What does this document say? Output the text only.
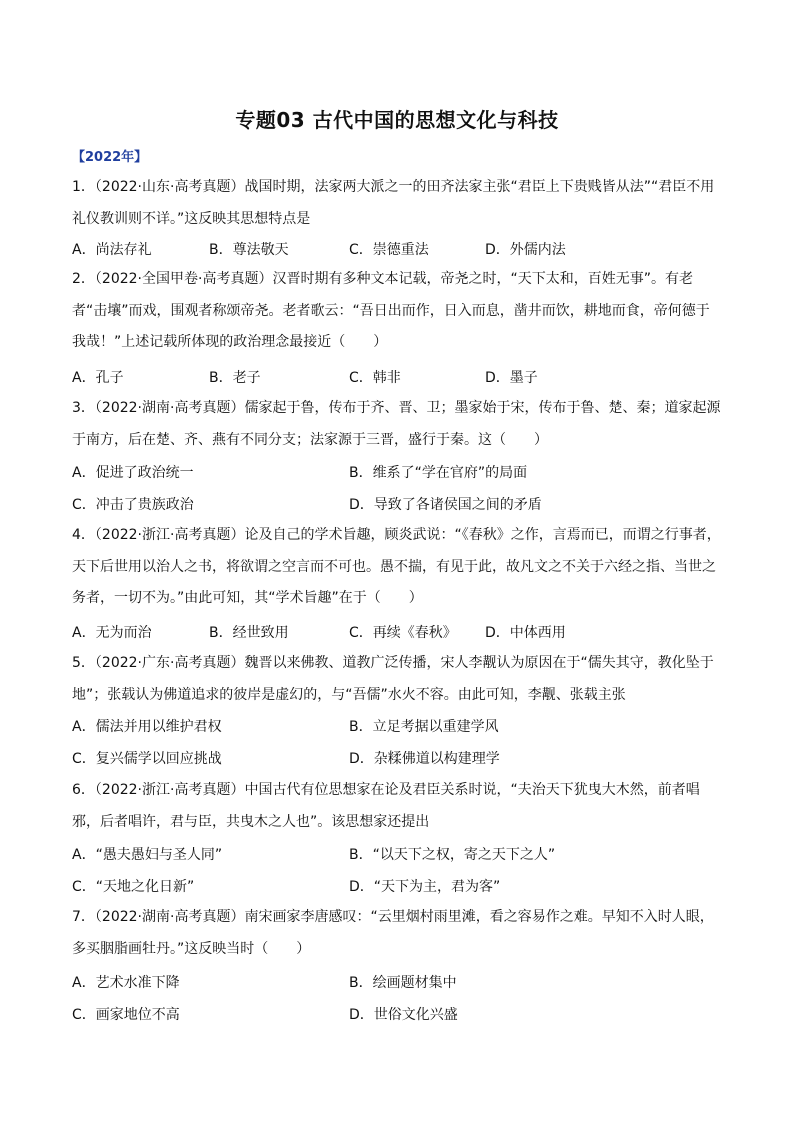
专题03 古代中国的思想文化与科技
【2022年】
1．（2022·山东·高考真题）战国时期，法家两大派之一的田齐法家主张“君臣上下贵贱皆从法”“君臣不用礼仪教训则不详。”这反映其思想特点是
A．尚法存礼	B．尊法敬天	C．崇德重法	D．外儒内法
2．（2022·全国甲卷·高考真题）汉晋时期有多种文本记载，帝尧之时，“天下太和，百姓无事”。有老者“击壤”而戏，围观者称颂帝尧。老者歌云：“吾日出而作，日入而息，凿井而饮，耕地而食，帝何德于我哉！”上述记载所体现的政治理念最接近（　　）
A．孔子	B．老子	C．韩非	D．墨子
3．（2022·湖南·高考真题）儒家起于鲁，传布于齐、晋、卫；墨家始于宋，传布于鲁、楚、秦；道家起源于南方，后在楚、齐、燕有不同分支；法家源于三晋，盛行于秦。这（　　）
A．促进了政治统一	B．维系了“学在官府”的局面
C．冲击了贵族政治	D．导致了各诸侯国之间的矛盾
4．（2022·浙江·高考真题）论及自己的学术旨趣，顾炎武说：“《春秋》之作，言焉而已，而谓之行事者，天下后世用以治人之书，将欲谓之空言而不可也。愚不揣，有见于此，故凡文之不关于六经之指、当世之务者，一切不为。”由此可知，其“学术旨趣”在于（　　）
A．无为而治	B．经世致用	C．再续《春秋》 D．中体西用
5．（2022·广东·高考真题）魏晋以来佛教、道教广泛传播，宋人李觏认为原因在于“儒失其守，教化坠于地”；张载认为佛道追求的彼岸是虚幻的，与“吾儒”水火不容。由此可知，李觏、张载主张
A．儒法并用以维护君权	B．立足考据以重建学风
C．复兴儒学以回应挑战	D．杂糅佛道以构建理学
6．（2022·浙江·高考真题）中国古代有位思想家在论及君臣关系时说，“夫治天下犹曳大木然，前者唱邪，后者唱许，君与臣，共曳木之人也”。该思想家还提出
A．“愚夫愚妇与圣人同”	B．“以天下之权，寄之天下之人”
C．“天地之化日新”	D．“天下为主，君为客”
7．（2022·湖南·高考真题）南宋画家李唐感叹：“云里烟村雨里滩，看之容易作之难。早知不入时人眼，多买胭脂画牡丹。”这反映当时（　　）
A．艺术水准下降	B．绘画题材集中
C．画家地位不高	D．世俗文化兴盛
